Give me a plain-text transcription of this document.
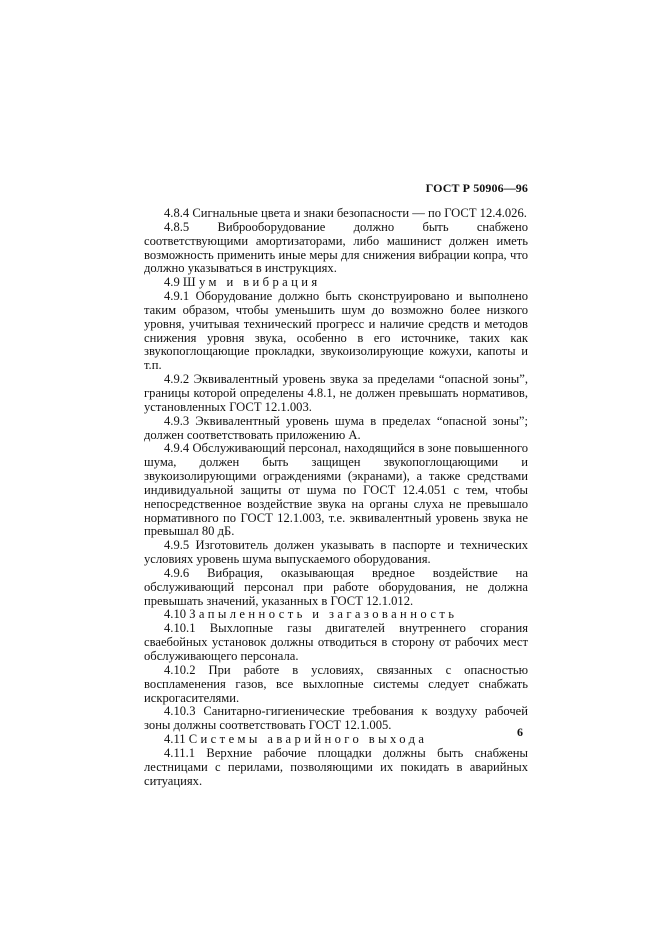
ГОСТ Р 50906—96

4.8.4 Сигнальные цвета и знаки безопасности — по ГОСТ 12.4.026.

4.8.5 Виброоборудование должно быть снабжено соответствующими амортизаторами, либо машинист должен иметь возможность применить иные меры для снижения вибрации копра, что должно указываться в инструкциях.

4.9 Шум и вибрация

4.9.1 Оборудование должно быть сконструировано и выполнено таким образом, чтобы уменьшить шум до возможно более низкого уровня, учитывая технический прогресс и наличие средств и методов снижения уровня звука, особенно в его источнике, таких как звукопоглощающие прокладки, звукоизолирующие кожухи, капоты и т.п.

4.9.2 Эквивалентный уровень звука за пределами “опасной зоны”, границы которой определены 4.8.1, не должен превышать нормативов, установленных ГОСТ 12.1.003.

4.9.3 Эквивалентный уровень шума в пределах “опасной зоны”; должен соответствовать приложению А.

4.9.4 Обслуживающий персонал, находящийся в зоне повышенного шума, должен быть защищен звукопоглощающими и звукоизолирующими ограждениями (экранами), а также средствами индивидуальной защиты от шума по ГОСТ 12.4.051 с тем, чтобы непосредственное воздействие звука на органы слуха не превышало нормативного по ГОСТ 12.1.003, т.е. эквивалентный уровень звука не превышал 80 дБ.

4.9.5 Изготовитель должен указывать в паспорте и технических условиях уровень шума выпускаемого оборудования.

4.9.6 Вибрация, оказывающая вредное воздействие на обслуживающий персонал при работе оборудования, не должна превышать значений, указанных в ГОСТ 12.1.012.

4.10 Запыленность и загазованность

4.10.1 Выхлопные газы двигателей внутреннего сгорания сваебойных установок должны отводиться в сторону от рабочих мест обслуживающего персонала.

4.10.2 При работе в условиях, связанных с опасностью воспламенения газов, все выхлопные системы следует снабжать искрогасителями.

4.10.3 Санитарно-гигиенические требования к воздуху рабочей зоны должны соответствовать ГОСТ 12.1.005.

4.11 Системы аварийного выхода

4.11.1 Верхние рабочие площадки должны быть снабжены лестницами с перилами, позволяющими их покидать в аварийных ситуациях.

6
